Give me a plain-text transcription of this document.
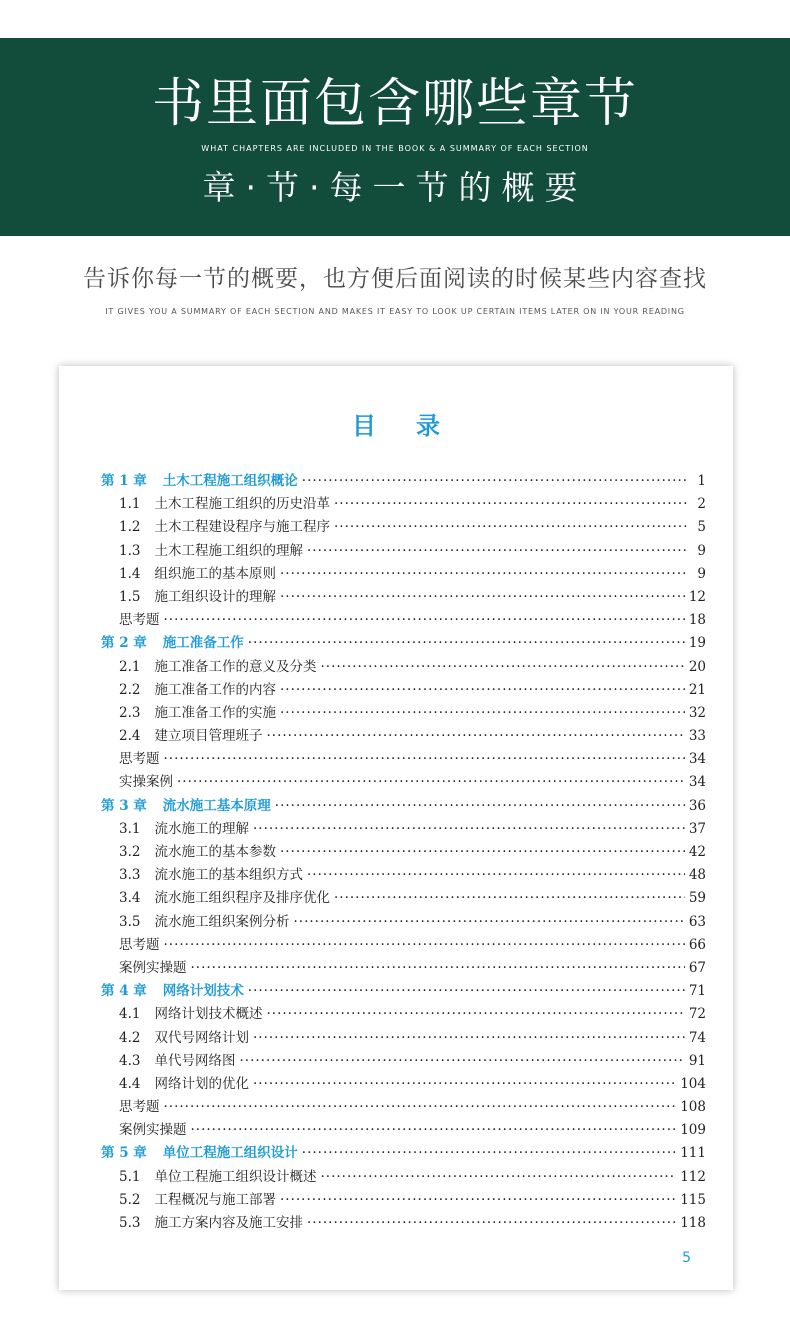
书里面包含哪些章节
WHAT CHAPTERS ARE INCLUDED IN THE BOOK & A SUMMARY OF EACH SECTION
章·节·每一节的概要
告诉你每一节的概要，也方便后面阅读的时候某些内容查找
IT GIVES YOU A SUMMARY OF EACH SECTION AND MAKES IT EASY TO LOOK UP CERTAIN ITEMS LATER ON IN YOUR READING
目录
第 1 章 土木工程施工组织概论 ·····	1
1.1 土木工程施工组织的历史沿革 ·····	2
1.2 土木工程建设程序与施工程序 ·····	5
1.3 土木工程施工组织的理解 ·····	9
1.4 组织施工的基本原则 ·····	9
1.5 施工组织设计的理解 ·····	12
思考题 ·····	18
第 2 章 施工准备工作 ·····	19
2.1 施工准备工作的意义及分类 ·····	20
2.2 施工准备工作的内容 ·····	21
2.3 施工准备工作的实施 ·····	32
2.4 建立项目管理班子 ·····	33
思考题 ·····	34
实操案例 ·····	34
第 3 章 流水施工基本原理 ·····	36
3.1 流水施工的理解 ·····	37
3.2 流水施工的基本参数 ·····	42
3.3 流水施工的基本组织方式 ·····	48
3.4 流水施工组织程序及排序优化 ·····	59
3.5 流水施工组织案例分析 ·····	63
思考题 ·····	66
案例实操题 ·····	67
第 4 章 网络计划技术 ·····	71
4.1 网络计划技术概述 ·····	72
4.2 双代号网络计划 ·····	74
4.3 单代号网络图 ·····	91
4.4 网络计划的优化 ·····	104
思考题 ·····	108
案例实操题 ·····	109
第 5 章 单位工程施工组织设计 ·····	111
5.1 单位工程施工组织设计概述 ·····	112
5.2 工程概况与施工部署 ·····	115
5.3 施工方案内容及施工安排 ·····	118
5
